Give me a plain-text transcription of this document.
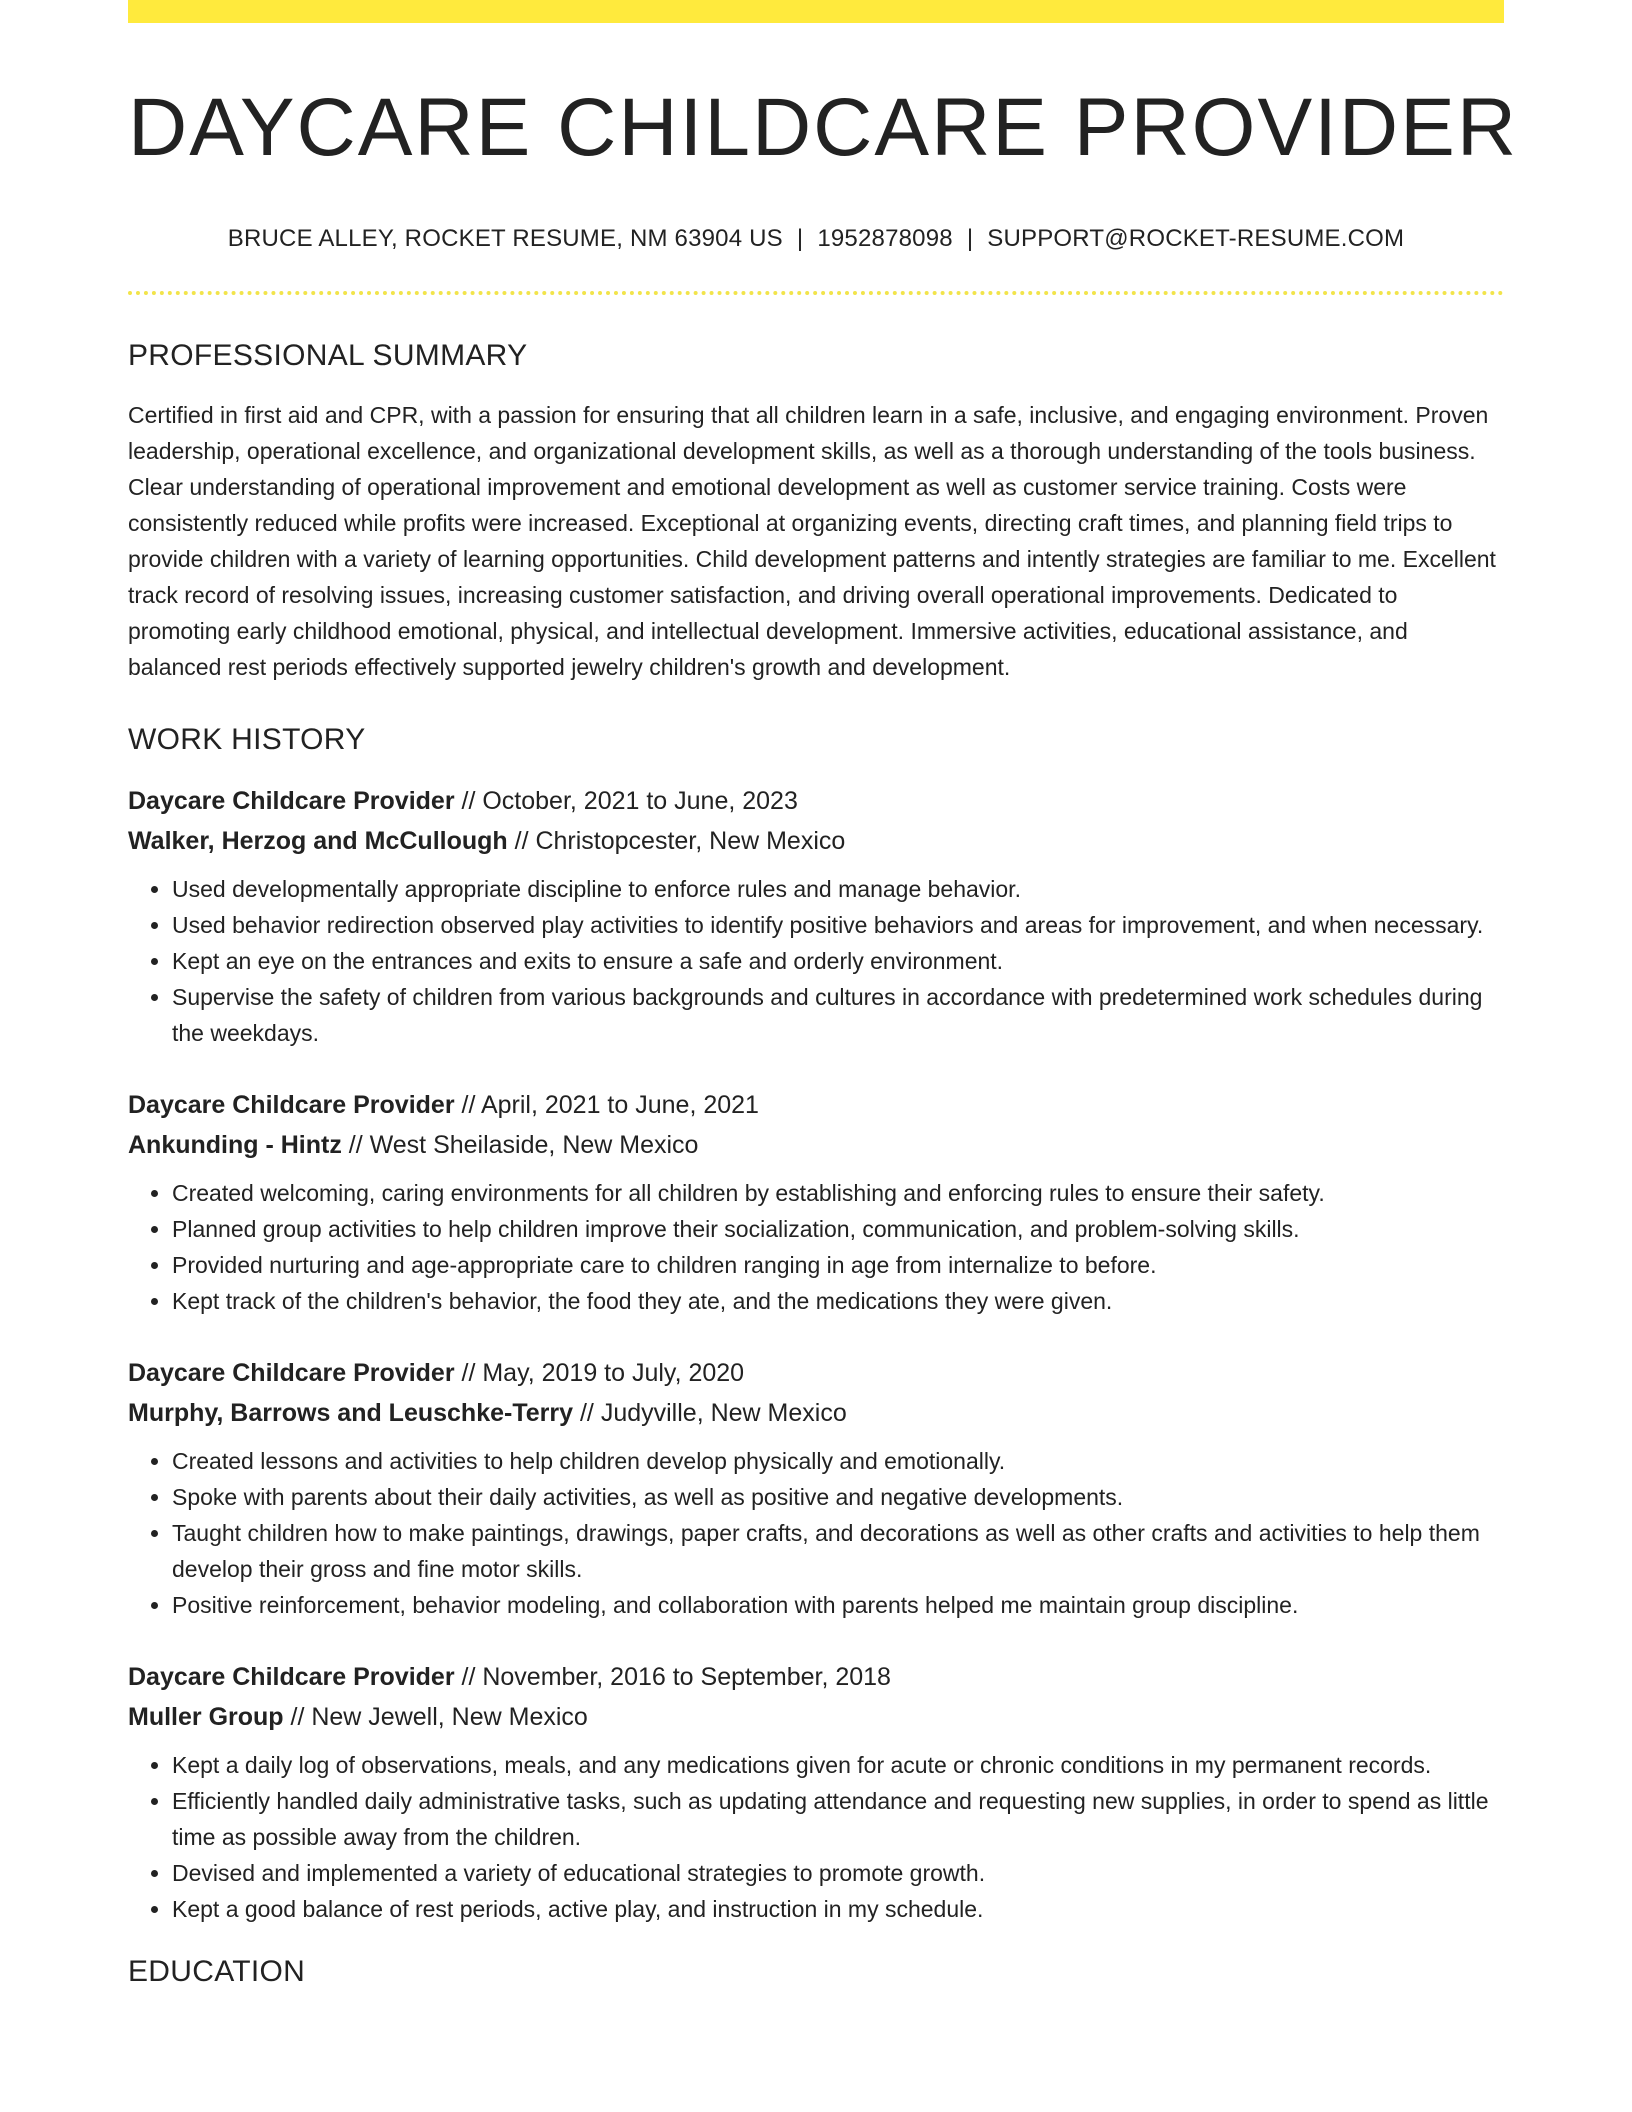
DAYCARE CHILDCARE PROVIDER
BRUCE ALLEY, ROCKET RESUME, NM 63904 US | 1952878098 | SUPPORT@ROCKET-RESUME.COM
PROFESSIONAL SUMMARY

Certified in first aid and CPR, with a passion for ensuring that all children learn in a safe, inclusive, and engaging environment. Proven leadership, operational excellence, and organizational development skills, as well as a thorough understanding of the tools business. Clear understanding of operational improvement and emotional development as well as customer service training. Costs were consistently reduced while profits were increased. Exceptional at organizing events, directing craft times, and planning field trips to provide children with a variety of learning opportunities. Child development patterns and intently strategies are familiar to me. Excellent track record of resolving issues, increasing customer satisfaction, and driving overall operational improvements. Dedicated to promoting early childhood emotional, physical, and intellectual development. Immersive activities, educational assistance, and balanced rest periods effectively supported jewelry children's growth and development.

WORK HISTORY
Daycare Childcare Provider // October, 2021 to June, 2023
Walker, Herzog and McCullough // Christopcester, New Mexico
• Used developmentally appropriate discipline to enforce rules and manage behavior.
• Used behavior redirection observed play activities to identify positive behaviors and areas for improvement, and when necessary.
• Kept an eye on the entrances and exits to ensure a safe and orderly environment.
• Supervise the safety of children from various backgrounds and cultures in accordance with predetermined work schedules during the weekdays.
Daycare Childcare Provider // April, 2021 to June, 2021
Ankunding - Hintz // West Sheilaside, New Mexico
• Created welcoming, caring environments for all children by establishing and enforcing rules to ensure their safety.
• Planned group activities to help children improve their socialization, communication, and problem-solving skills.
• Provided nurturing and age-appropriate care to children ranging in age from internalize to before.
• Kept track of the children's behavior, the food they ate, and the medications they were given.
Daycare Childcare Provider // May, 2019 to July, 2020
Murphy, Barrows and Leuschke-Terry // Judyville, New Mexico
• Created lessons and activities to help children develop physically and emotionally.
• Spoke with parents about their daily activities, as well as positive and negative developments.
• Taught children how to make paintings, drawings, paper crafts, and decorations as well as other crafts and activities to help them develop their gross and fine motor skills.
• Positive reinforcement, behavior modeling, and collaboration with parents helped me maintain group discipline.
Daycare Childcare Provider // November, 2016 to September, 2018
Muller Group // New Jewell, New Mexico
• Kept a daily log of observations, meals, and any medications given for acute or chronic conditions in my permanent records.
• Efficiently handled daily administrative tasks, such as updating attendance and requesting new supplies, in order to spend as little time as possible away from the children.
• Devised and implemented a variety of educational strategies to promote growth.
• Kept a good balance of rest periods, active play, and instruction in my schedule.
EDUCATION
